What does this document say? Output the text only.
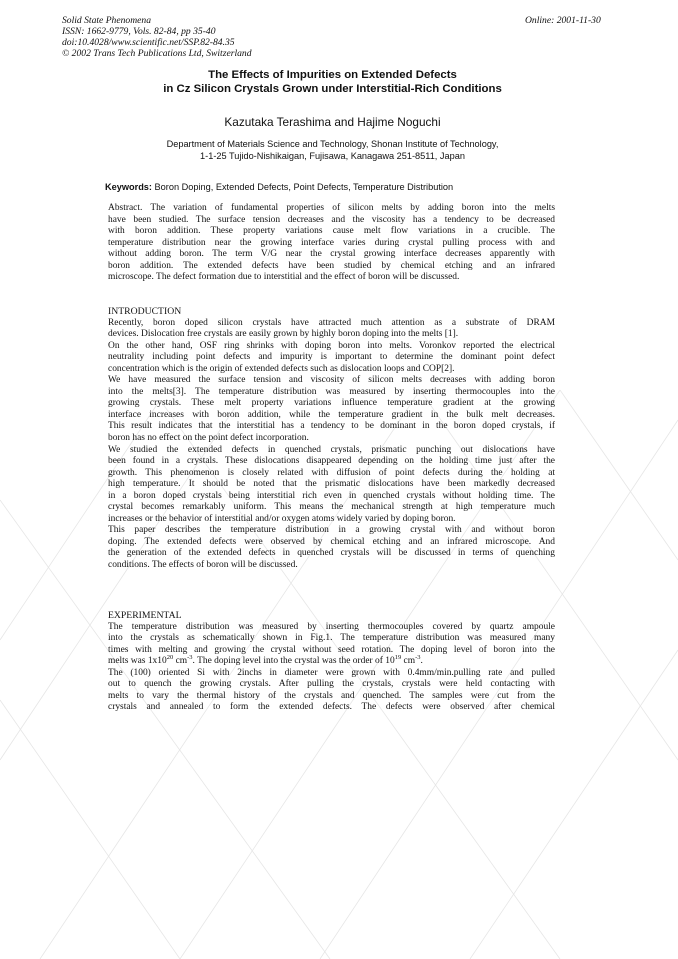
Solid State Phenomena
ISSN: 1662-9779, Vols. 82-84, pp 35-40
doi:10.4028/www.scientific.net/SSP.82-84.35
© 2002 Trans Tech Publications Ltd, Switzerland
Online: 2001-11-30
The Effects of Impurities on Extended Defects
in Cz Silicon Crystals Grown under Interstitial-Rich Conditions
Kazutaka Terashima and Hajime Noguchi
Department of Materials Science and Technology, Shonan Institute of Technology,
1-1-25 Tujido-Nishikaigan, Fujisawa, Kanagawa 251-8511, Japan
Keywords: Boron Doping, Extended Defects, Point Defects, Temperature Distribution
Abstract. The variation of fundamental properties of silicon melts by adding boron into the melts
have been studied. The surface tension decreases and the viscosity has a tendency to be decreased
with boron addition. These property variations cause melt flow variations in a crucible. The
temperature distribution near the growing interface varies during crystal pulling process with and
without adding boron. The term V/G near the crystal growing interface decreases apparently with
boron addition. The extended defects have been studied by chemical etching and an infrared
microscope. The defect formation due to interstitial and the effect of boron will be discussed.
INTRODUCTION
Recently, boron doped silicon crystals have attracted much attention as a substrate of DRAM
devices. Dislocation free crystals are easily grown by highly boron doping into the melts [1].
On the other hand, OSF ring shrinks with doping boron into melts. Voronkov reported the electrical
neutrality including point defects and impurity is important to determine the dominant point defect
concentration which is the origin of extended defects such as dislocation loops and COP[2].
We have measured the surface tension and viscosity of silicon melts decreases with adding boron
into the melts[3]. The temperature distribution was measured by inserting thermocouples into the
growing crystals. These melt property variations influence temperature gradient at the growing
interface increases with boron addition, while the temperature gradient in the bulk melt decreases.
This result indicates that the interstitial has a tendency to be dominant in the boron doped crystals, if
boron has no effect on the point defect incorporation.
We studied the extended defects in quenched crystals, prismatic punching out dislocations have
been found in a crystals. These dislocations disappeared depending on the holding time just after the
growth. This phenomenon is closely related with diffusion of point defects during the holding at
high temperature. It should be noted that the prismatic dislocations have been markedly decreased
in a boron doped crystals being interstitial rich even in quenched crystals without holding time. The
crystal becomes remarkably uniform. This means the mechanical strength at high temperature much
increases or the behavior of interstitial and/or oxygen atoms widely varied by doping boron.
This paper describes the temperature distribution in a growing crystal with and without boron
doping. The extended defects were observed by chemical etching and an infrared microscope. And
the generation of the extended defects in quenched crystals will be discussed in terms of quenching
conditions. The effects of boron will be discussed.
EXPERIMENTAL
The temperature distribution was measured by inserting thermocouples covered by quartz ampoule
into the crystals as schematically shown in Fig.1. The temperature distribution was measured many
times with melting and growing the crystal without seed rotation. The doping level of boron into the
melts was $1x10^{20}$ $cm^{-3}$. The doping level into the crystal was the order of $10^{19}$ $cm^{-3}$.
The (100) oriented Si with 2inchs in diameter were grown with 0.4mm/min.pulling rate and pulled
out to quench the growing crystals. After pulling the crystals, crystals were held contacting with
melts to vary the thermal history of the crystals and quenched. The samples were cut from the
crystals and annealed to form the extended defects. The defects were observed after chemical
